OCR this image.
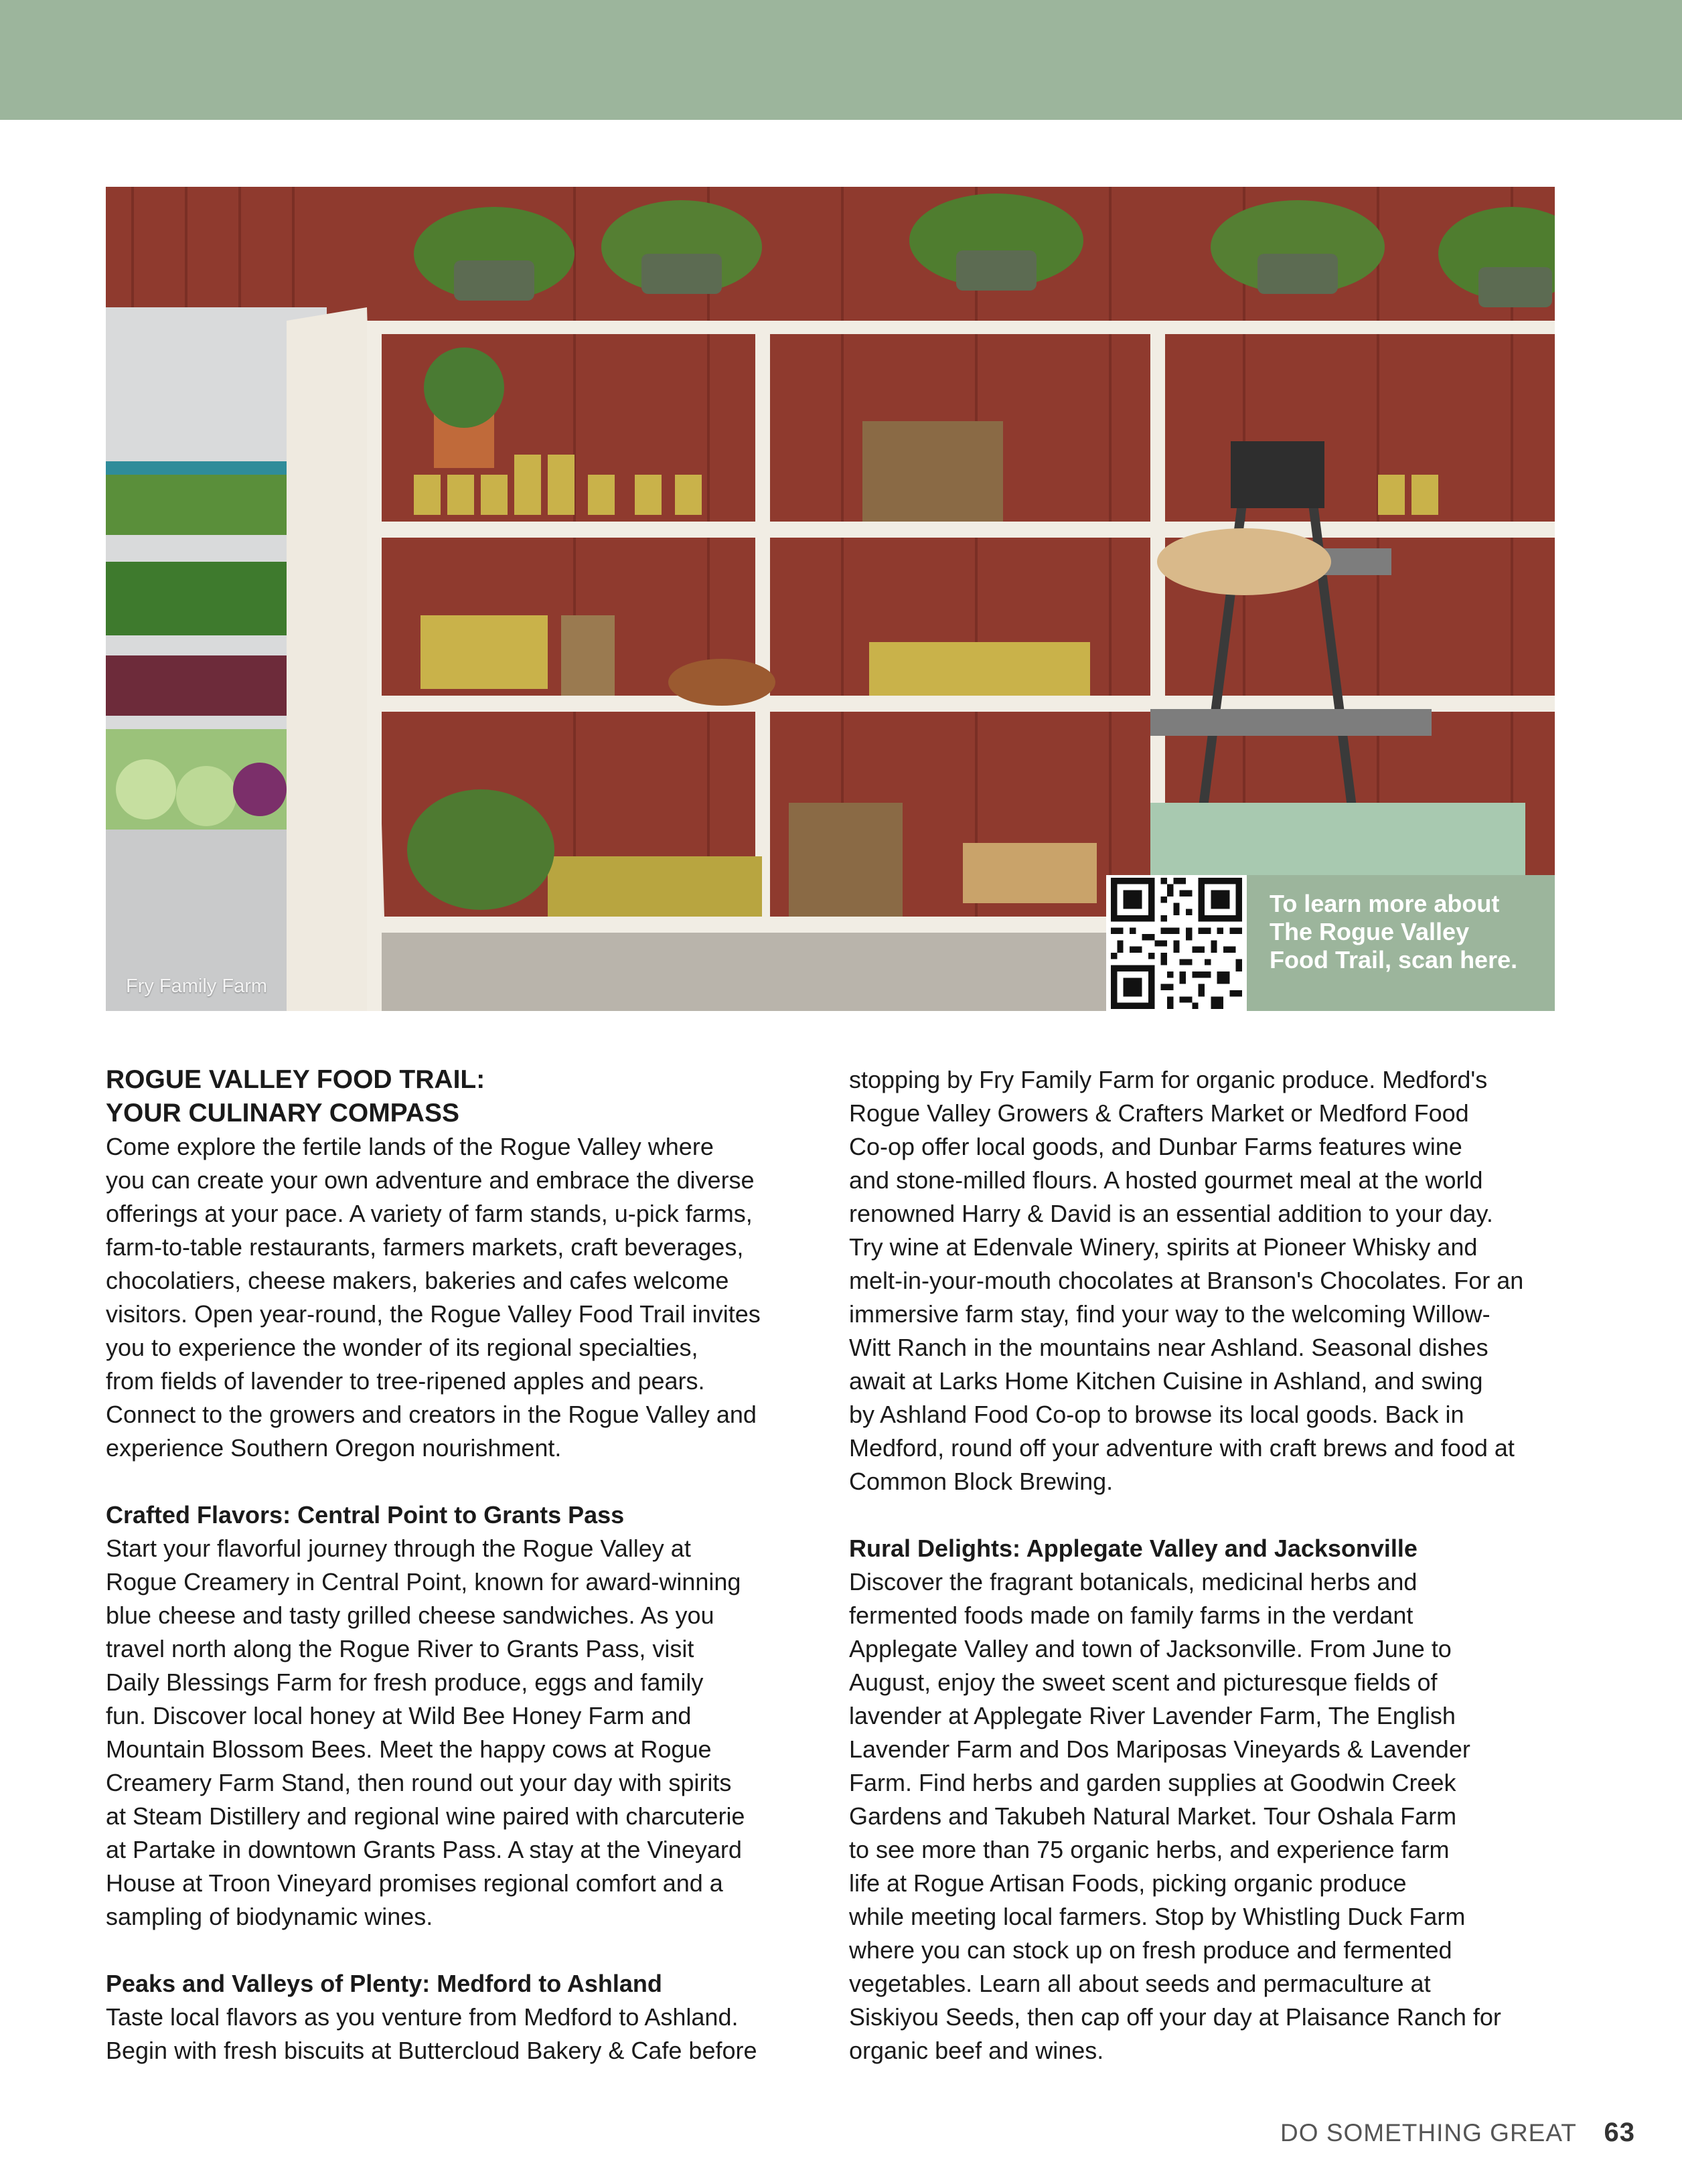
Fry Family Farm
To learn more about
The Rogue Valley
Food Trail, scan here.

ROGUE VALLEY FOOD TRAIL:
YOUR CULINARY COMPASS

Come explore the fertile lands of the Rogue Valley where
you can create your own adventure and embrace the diverse
offerings at your pace. A variety of farm stands, u-pick farms,
farm-to-table restaurants, farmers markets, craft beverages,
chocolatiers, cheese makers, bakeries and cafes welcome
visitors. Open year-round, the Rogue Valley Food Trail invites
you to experience the wonder of its regional specialties,
from fields of lavender to tree-ripened apples and pears.
Connect to the growers and creators in the Rogue Valley and
experience Southern Oregon nourishment.

Crafted Flavors: Central Point to Grants Pass

Start your flavorful journey through the Rogue Valley at
Rogue Creamery in Central Point, known for award-winning
blue cheese and tasty grilled cheese sandwiches. As you
travel north along the Rogue River to Grants Pass, visit
Daily Blessings Farm for fresh produce, eggs and family
fun. Discover local honey at Wild Bee Honey Farm and
Mountain Blossom Bees. Meet the happy cows at Rogue
Creamery Farm Stand, then round out your day with spirits
at Steam Distillery and regional wine paired with charcuterie
at Partake in downtown Grants Pass. A stay at the Vineyard
House at Troon Vineyard promises regional comfort and a
sampling of biodynamic wines.

Peaks and Valleys of Plenty: Medford to Ashland

Taste local flavors as you venture from Medford to Ashland.
Begin with fresh biscuits at Buttercloud Bakery & Cafe before

stopping by Fry Family Farm for organic produce. Medford's
Rogue Valley Growers & Crafters Market or Medford Food
Co-op offer local goods, and Dunbar Farms features wine
and stone-milled flours. A hosted gourmet meal at the world
renowned Harry & David is an essential addition to your day.
Try wine at Edenvale Winery, spirits at Pioneer Whisky and
melt-in-your-mouth chocolates at Branson's Chocolates. For an
immersive farm stay, find your way to the welcoming Willow-
Witt Ranch in the mountains near Ashland. Seasonal dishes
await at Larks Home Kitchen Cuisine in Ashland, and swing
by Ashland Food Co-op to browse its local goods. Back in
Medford, round off your adventure with craft brews and food at
Common Block Brewing.

Rural Delights: Applegate Valley and Jacksonville

Discover the fragrant botanicals, medicinal herbs and
fermented foods made on family farms in the verdant
Applegate Valley and town of Jacksonville. From June to
August, enjoy the sweet scent and picturesque fields of
lavender at Applegate River Lavender Farm, The English
Lavender Farm and Dos Mariposas Vineyards & Lavender
Farm. Find herbs and garden supplies at Goodwin Creek
Gardens and Takubeh Natural Market. Tour Oshala Farm
to see more than 75 organic herbs, and experience farm
life at Rogue Artisan Foods, picking organic produce
while meeting local farmers. Stop by Whistling Duck Farm
where you can stock up on fresh produce and fermented
vegetables. Learn all about seeds and permaculture at
Siskiyou Seeds, then cap off your day at Plaisance Ranch for
organic beef and wines.

DO SOMETHING GREAT 63
